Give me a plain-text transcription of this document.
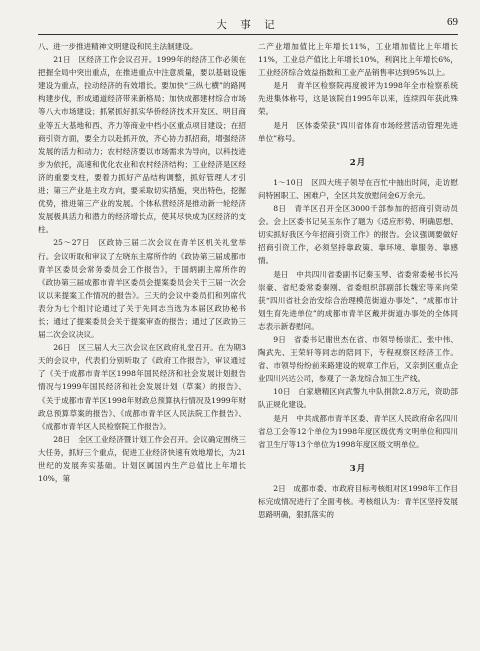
大 事 记	69

八、进一步推进精神文明建设和民主法制建设。

21日　区经济工作会议召开。1999年的经济工作必须在把握全局中突出重点，在推进重点中注意质量，要以基础设施建设为重点，拉动经济的有效增长。要加快“三纵七横”的路网构建步伐，形成通道经济带来新格局；加快成都建材综合市场等八大市场建设；抓紧抓好抓实华侨经济技术开发区、明目商业等五大基地和西、齐力等商业中档小区重点项目建设；在招商引资方面，要全力以赴抓开放，齐心协力抓招商，增强经济发展的活力和动力；农村经济要以市场需求为导向，以科技进步为依托，高速和优化农业和农村经济结构；工业经济是区经济的重要支柱，要着力抓好产品结构调整，抓好管理人才引进；第三产业是主攻方向，要采取切实措施，突出特色，挖掘优势，推进第三产业的发展。个体私营经济是推动新一轮经济发展极具活力和潜力的经济增长点，使其尽快成为区经济的支柱。

25～27日　区政协三届二次会议在青羊区机关礼堂举行。会议听取和审议了左晓东主席所作的《政协第三届成都市青羊区委员会常务委员会工作报告》，于国炳副主席所作的《政协第三届成都市青羊区委员会提案委员会关于三届一次会议以来提案工作情况的报告》。三天的会议中委员们和列席代表分为七个组讨论通过了关于先同志当选为本届区政协秘书长；通过了提案委员会关于提案审查的报告；通过了区政协三届二次会议决议。

26日　区三届人大三次会议在区政府礼堂召开。在为期3天的会议中，代表们分别听取了《政府工作报告》，审议通过了《关于成都市青羊区1998年国民经济和社会发展计划报告情况与1999年国民经济和社会发展计划（草案）的报告》、《关于成都市青羊区1998年财政总预算执行情况及1999年财政总预算草案的报告》、《成都市青羊区人民法院工作报告》、《成都市青羊区人民检察院工作报告》。

28日　全区工业经济暨计划工作会召开。会议确定围绕三大任务，抓好三个重点，促进工业经济快速有效地增长，为21世纪的发展奔实基础。计划区属国内生产总值比上年增长10%，第

二产业增加值比上年增长11%，工业增加值比上年增长11%，工业总产值比上年增长10%，利润比上年增长6%，工业经济综合效益指数和工业产品销售率达到95%以上。

是月　青羊区检察院再度被评为1998年全市检察系统先进集体称号，这是该院自1995年以来，连续四年获此殊荣。

是月　区体委荣获“四川省体育市场经营活动管理先进单位”称号。

2月

1～10日　区四大班子领导在百忙中抽出时间，走访慰问特困职工、困难户，全区共发放慰问金6万余元。

8日　青羊区召开全区3000千部参加的招商引资动员会。会上区委书记吴玉东作了题为《适应形势、明确思想、切实抓好我区今年招商引资工作》的报告。会议强调要做好招商引资工作，必须坚持靠政策、靠环境、靠服务、靠感情。

是日　中共四川省委副书记秦玉琴、省委常委秘书长冯崇豪、省纪委常委秦刚、省委组织部副部长魏宏等来向荣获“四川省社会治安综合治理模范街道办事处”、“成都市计划生育先进单位”的成都市青羊区戴并街道办事处的全体同志表示新春慰问。

9日　省委书记谢世杰在省、市领导杨崇汇、张中伟、陶武先、王荣轩等同志的陪同下，专程视察区经济工作。省、市领导纷纷前来路建设的规章工作后，又亲到区重点企业四川兴达公司，参观了一条龙综合加工生产线。

10日　白家塘精区向武警九中队捐款2.8万元，资助部队正规化建设。

是月　中共成都市青羊区委、青羊区人民政府命名四川省总工会等12个单位为1998年度区级优秀文明单位和四川省卫生厅等13个单位为1998年度区级文明单位。

3月

2日　成都市委、市政府目标考核组对区1998年工作目标完成情况进行了全面考核。考核组认为：青羊区坚持发展思路明确，狠抓落实的
